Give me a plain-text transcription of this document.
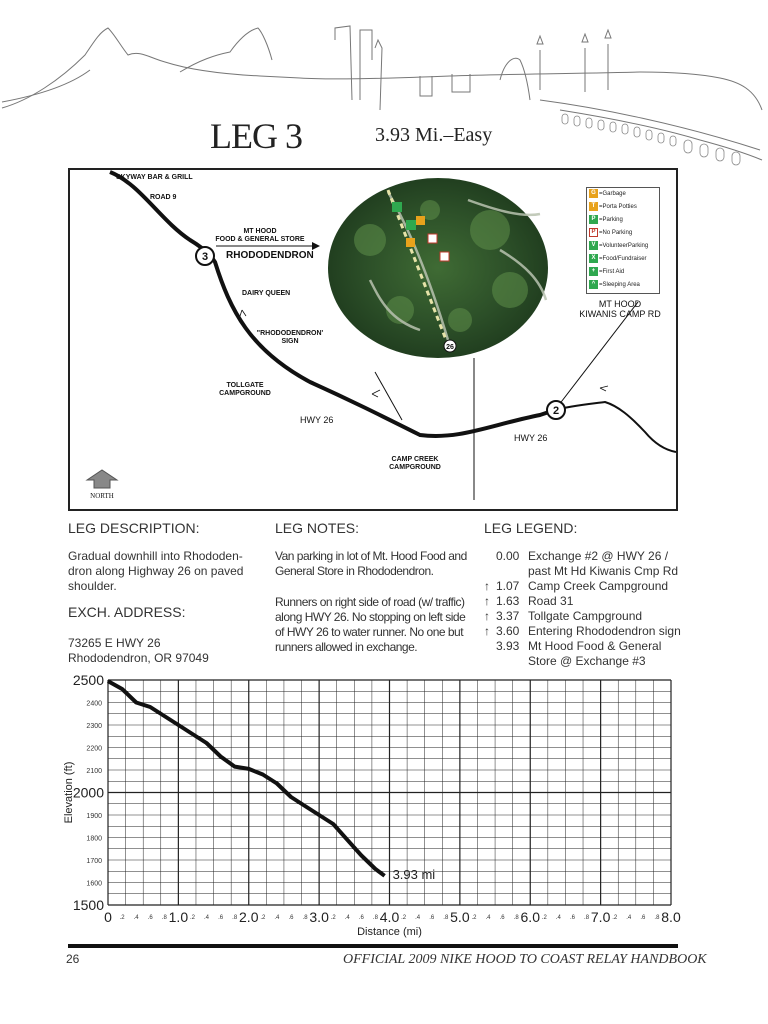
LEG 3	3.93 Mi.–Easy
26
3
2
SKYWAY BAR & GRILL
ROAD 9
MT HOOD
FOOD & GENERAL STORE
RHODODENDRON
DAIRY QUEEN
"RHODODENDRON'
SIGN
TOLLGATE
CAMPGROUND
HWY 26
HWY 26
CAMP CREEK
CAMPGROUND
MT HOOD
KIWANIS CAMP RD
NORTH
G =Garbage
T =Porta Potties
P =Parking
P =No Parking
V =VolunteerParking
X =Food/Fundraiser
+ =First Aid
^ =Sleeping Area
LEG DESCRIPTION:
Gradual downhill into Rhododen-
dron along Highway 26 on paved
shoulder.
EXCH. ADDRESS:
73265 E HWY 26
Rhododendron, OR 97049
LEG NOTES:
Van parking in lot of Mt. Hood Food and
General Store in Rhododendron.
Runners on right side of road (w/ traffic)
along HWY 26. No stopping on left side
of HWY 26 to water runner. No one but
runners allowed in exchange.
LEG LEGEND:
0.00 Exchange #2 @ HWY 26 /
past Mt Hd Kiwanis Cmp Rd
↑ 1.07 Camp Creek Campground
↑ 1.63 Road 31
↑ 3.37 Tollgate Campground
↑ 3.60 Entering Rhododendron sign
3.93 Mt Hood Food & General
Store @ Exchange #3
1500
2000
2500
1600
1700
1800
1900
2100
2200
2300
2400
0 .2 .4 .6 .8 1.0 .2 .4 .6 .8 2.0 .2 .4 .6 .8 3.0 .2 .4 .6 .8 4.0 .2 .4 .6 .8 5.0 .2 .4 .6 .8 6.0 .2 .4 .6 .8 7.0 .2 .4 .6 .8 8.0
3.93 mi
Distance (mi)
Elevation (ft)
26	OFFICIAL 2009 NIKE HOOD TO COAST RELAY HANDBOOK
